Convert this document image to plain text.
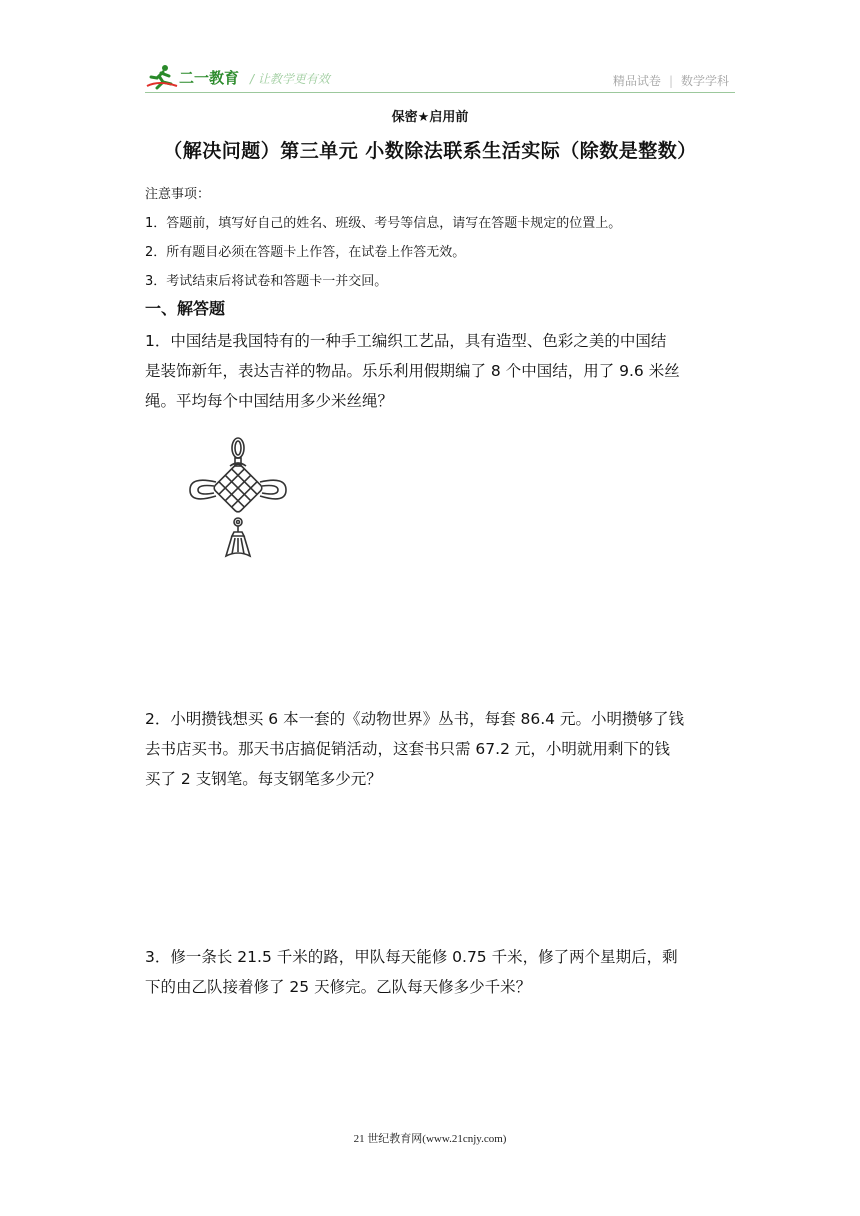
二一教育 / 让教学更有效	精品试卷 | 数学学科
保密★启用前
（解决问题）第三单元 小数除法联系生活实际（除数是整数）
注意事项：
1．答题前，填写好自己的姓名、班级、考号等信息，请写在答题卡规定的位置上。
2．所有题目必须在答题卡上作答，在试卷上作答无效。
3．考试结束后将试卷和答题卡一并交回。
一、解答题
1．中国结是我国特有的一种手工编织工艺品，具有造型、色彩之美的中国结
是装饰新年，表达吉祥的物品。乐乐利用假期编了 8 个中国结，用了 9.6 米丝
绳。平均每个中国结用多少米丝绳？
2．小明攒钱想买 6 本一套的《动物世界》丛书，每套 86.4 元。小明攒够了钱
去书店买书。那天书店搞促销活动，这套书只需 67.2 元，小明就用剩下的钱
买了 2 支钢笔。每支钢笔多少元？
3．修一条长 21.5 千米的路，甲队每天能修 0.75 千米，修了两个星期后，剩
下的由乙队接着修了 25 天修完。乙队每天修多少千米？
21 世纪教育网(www.21cnjy.com)
